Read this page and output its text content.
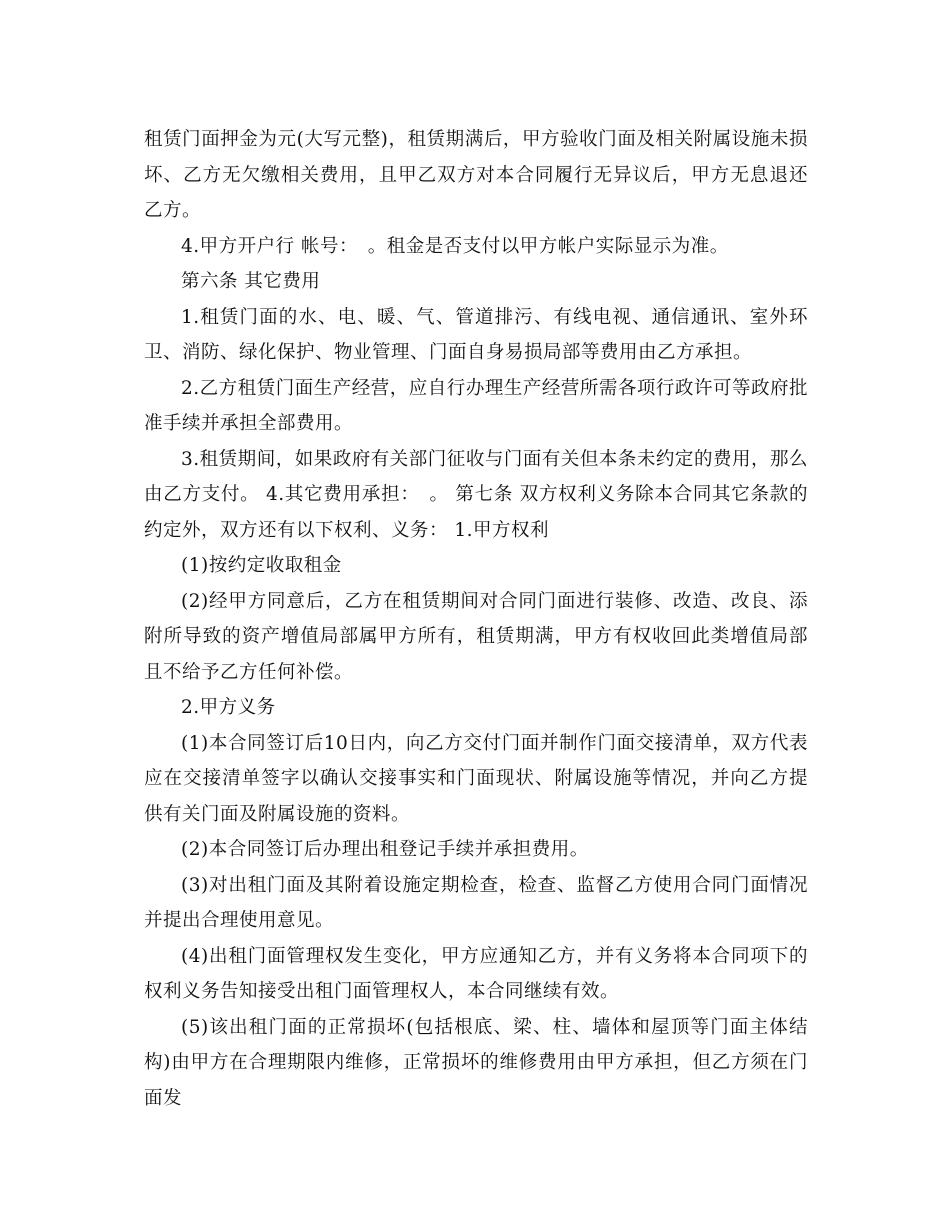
租赁门面押金为元(大写元整)，租赁期满后，甲方验收门面及相关附属设施未损坏、乙方无欠缴相关费用，且甲乙双方对本合同履行无异议后，甲方无息退还乙方。

4.甲方开户行 帐号：　。租金是否支付以甲方帐户实际显示为准。

第六条 其它费用

1.租赁门面的水、电、暖、气、管道排污、有线电视、通信通讯、室外环卫、消防、绿化保护、物业管理、门面自身易损局部等费用由乙方承担。

2.乙方租赁门面生产经营，应自行办理生产经营所需各项行政许可等政府批准手续并承担全部费用。

3.租赁期间，如果政府有关部门征收与门面有关但本条未约定的费用，那么由乙方支付。 4.其它费用承担：　。 第七条 双方权利义务除本合同其它条款的约定外，双方还有以下权利、义务： 1.甲方权利

(1)按约定收取租金

(2)经甲方同意后，乙方在租赁期间对合同门面进行装修、改造、改良、添附所导致的资产增值局部属甲方所有，租赁期满，甲方有权收回此类增值局部且不给予乙方任何补偿。

2.甲方义务

(1)本合同签订后10日内，向乙方交付门面并制作门面交接清单，双方代表应在交接清单签字以确认交接事实和门面现状、附属设施等情况，并向乙方提供有关门面及附属设施的资料。

(2)本合同签订后办理出租登记手续并承担费用。

(3)对出租门面及其附着设施定期检查，检查、监督乙方使用合同门面情况并提出合理使用意见。

(4)出租门面管理权发生变化，甲方应通知乙方，并有义务将本合同项下的权利义务告知接受出租门面管理权人，本合同继续有效。

(5)该出租门面的正常损坏(包括根底、梁、柱、墙体和屋顶等门面主体结构)由甲方在合理期限内维修，正常损坏的维修费用由甲方承担，但乙方须在门面发
